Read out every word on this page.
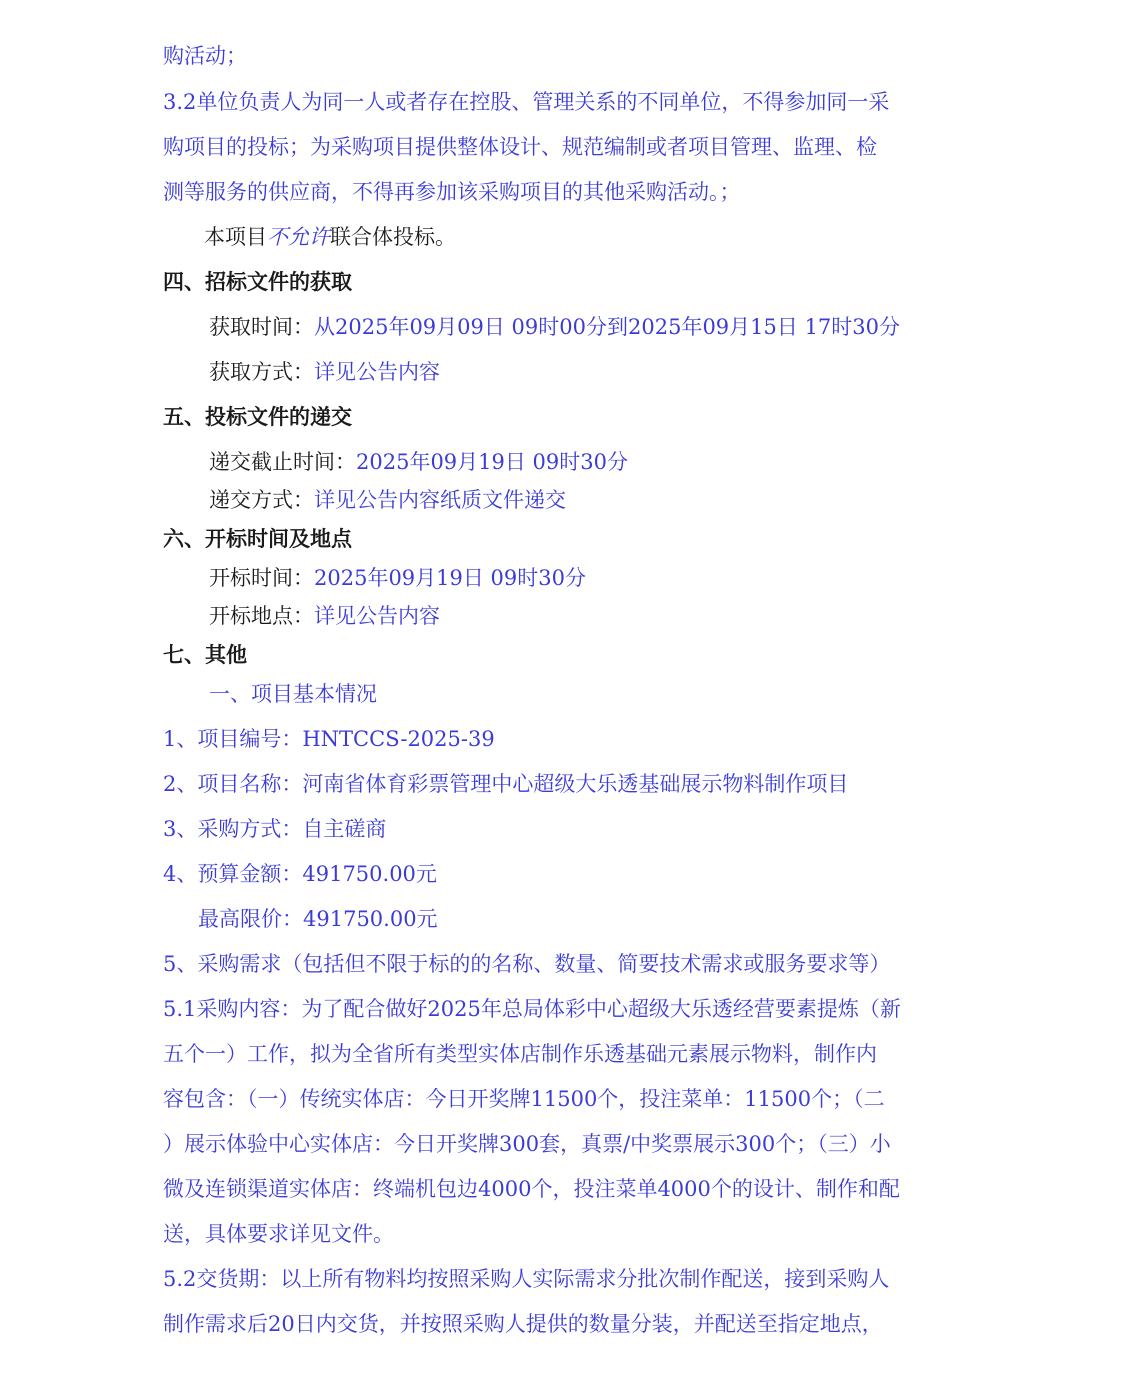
购活动；
3.2单位负责人为同一人或者存在控股、管理关系的不同单位，不得参加同一采
购项目的投标；为采购项目提供整体设计、规范编制或者项目管理、监理、检
测等服务的供应商，不得再参加该采购项目的其他采购活动。；
本项目不允许联合体投标。
四、招标文件的获取
获取时间：从2025年09月09日 09时00分到2025年09月15日 17时30分
获取方式：详见公告内容
五、投标文件的递交
递交截止时间：2025年09月19日 09时30分
递交方式：详见公告内容纸质文件递交
六、开标时间及地点
开标时间：2025年09月19日 09时30分
开标地点：详见公告内容
七、其他
一、项目基本情况
1、项目编号：HNTCCS-2025-39
2、项目名称：河南省体育彩票管理中心超级大乐透基础展示物料制作项目
3、采购方式：自主磋商
4、预算金额：491750.00元
最高限价：491750.00元
5、采购需求（包括但不限于标的的名称、数量、简要技术需求或服务要求等）
5.1采购内容：为了配合做好2025年总局体彩中心超级大乐透经营要素提炼（新
五个一）工作，拟为全省所有类型实体店制作乐透基础元素展示物料，制作内
容包含：（一）传统实体店：今日开奖牌11500个，投注菜单：11500个；（二
）展示体验中心实体店：今日开奖牌300套，真票/中奖票展示300个；（三）小
微及连锁渠道实体店：终端机包边4000个，投注菜单4000个的设计、制作和配
送，具体要求详见文件。
5.2交货期：以上所有物料均按照采购人实际需求分批次制作配送，接到采购人
制作需求后20日内交货，并按照采购人提供的数量分装，并配送至指定地点，
